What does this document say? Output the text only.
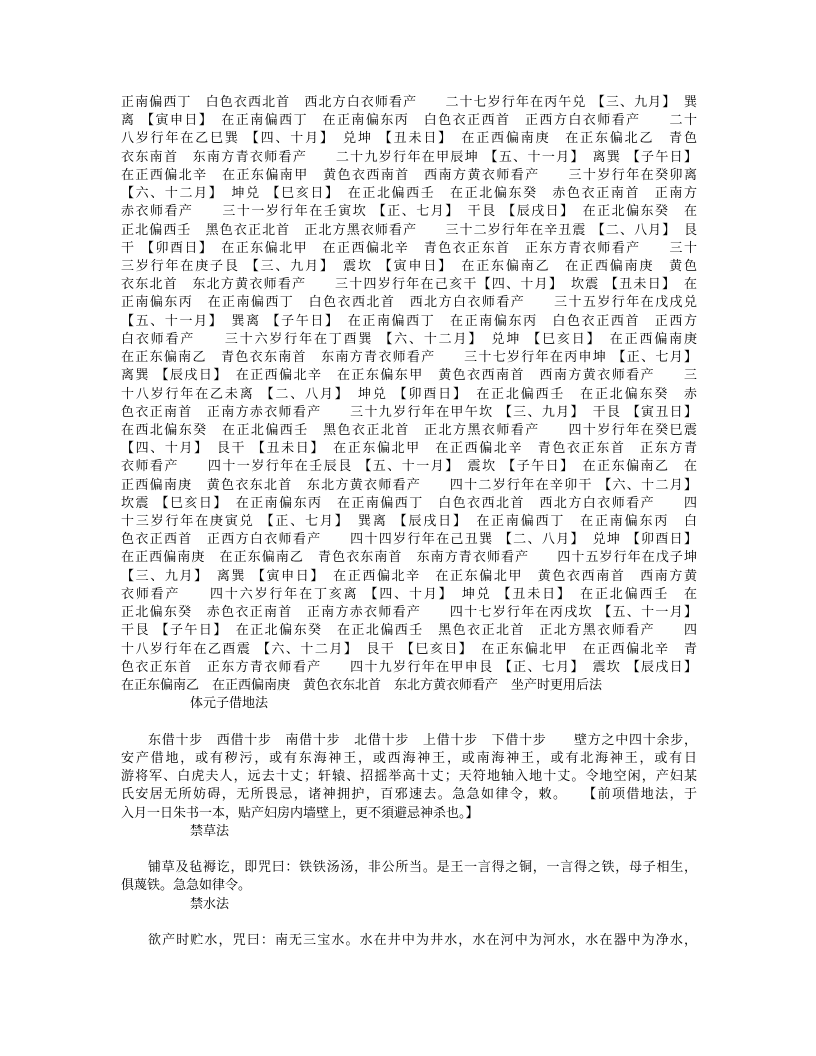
正南偏西丁　白色衣西北首　西北方白衣师看产　　二十七岁行年在丙午兑 【三、九月】　巽
离 【寅申日】　在正南偏西丁　在正南偏东丙　白色衣正西首　正西方白衣师看产　　二十
八岁行年在乙巳巽 【四、十月】　兑坤 【丑未日】　在正西偏南庚　在正东偏北乙　青色
衣东南首　东南方青衣师看产　　二十九岁行年在甲辰坤 【五、十一月】　离巽 【子午日】
在正西偏北辛　在正东偏南甲　黄色衣西南首　西南方黄衣师看产　　三十岁行年在癸卯离
【六、十二月】　坤兑 【巳亥日】　在正北偏西壬　在正北偏东癸　赤色衣正南首　正南方
赤衣师看产　　三十一岁行年在壬寅坎 【正、七月】　干艮 【辰戌日】　在正北偏东癸　在
正北偏西壬　黑色衣正北首　正北方黑衣师看产　　三十二岁行年在辛丑震 【二、八月】　艮
干 【卯酉日】　在正东偏北甲　在正西偏北辛　青色衣正东首　正东方青衣师看产　　三十
三岁行年在庚子艮 【三、九月】　震坎 【寅申日】　在正东偏南乙　在正西偏南庚　黄色
衣东北首　东北方黄衣师看产　　三十四岁行年在己亥干【四、十月】　坎震 【丑未日】　在
正南偏东丙　在正南偏西丁　白色衣西北首　西北方白衣师看产　　三十五岁行年在戊戌兑
【五、十一月】　巽离 【子午日】　在正南偏西丁　在正南偏东丙　白色衣正西首　正西方
白衣师看产　　三十六岁行年在丁酉巽 【六、十二月】　兑坤 【巳亥日】　在正西偏南庚
在正东偏南乙　青色衣东南首　东南方青衣师看产　　三十七岁行年在丙申坤 【正、七月】
离巽 【辰戌日】　在正西偏北辛　在正东偏东甲　黄色衣西南首　西南方黄衣师看产　　三
十八岁行年在乙未离 【二、八月】　坤兑 【卯酉日】　在正北偏西壬　在正北偏东癸　赤
色衣正南首　正南方赤衣师看产　　三十九岁行年在甲午坎 【三、九月】　干艮 【寅丑日】
在西北偏东癸　在正北偏西壬　黑色衣正北首　正北方黑衣师看产　　四十岁行年在癸巳震
【四、十月】　艮干 【丑未日】　在正东偏北甲　在正西偏北辛　青色衣正东首　正东方青
衣师看产　　四十一岁行年在壬辰艮 【五、十一月】　震坎 【子午日】　在正东偏南乙　在
正西偏南庚　黄色衣东北首　东北方黄衣师看产　　四十二岁行年在辛卯干 【六、十二月】
坎震 【巳亥日】　在正南偏东丙　在正南偏西丁　白色衣西北首　西北方白衣师看产　　四
十三岁行年在庚寅兑 【正、七月】　巽离 【辰戌日】　在正南偏西丁　在正南偏东丙　白
色衣正西首　正西方白衣师看产　　四十四岁行年在己丑巽 【二、八月】　兑坤 【卯酉日】
在正西偏南庚　在正东偏南乙　青色衣东南首　东南方青衣师看产　　四十五岁行年在戊子坤
【三、九月】　离巽 【寅申日】　在正西偏北辛　在正东偏北甲　黄色衣西南首　西南方黄
衣师看产　　四十六岁行年在丁亥离 【四、十月】　坤兑 【丑未日】　在正北偏西壬　在
正北偏东癸　赤色衣正南首　正南方赤衣师看产　　四十七岁行年在丙戌坎 【五、十一月】
干艮 【子午日】　在正北偏东癸　在正北偏西壬　黑色衣正北首　正北方黑衣师看产　　四
十八岁行年在乙酉震 【六、十二月】　艮干 【巳亥日】　在正东偏北甲　在正西偏北辛　青
色衣正东首　正东方青衣师看产　　四十九岁行年在甲申艮 【正、七月】　震坎 【辰戌日】
在正东偏南乙　在正西偏南庚　黄色衣东北首　东北方黄衣师看产　坐产时更用后法
体元子借地法
东借十步　西借十步　南借十步　北借十步　上借十步　下借十步　　壁方之中四十余步，
安产借地，或有秽污，或有东海神王，或西海神王，或南海神王，或有北海神王，或有日
游将军、白虎夫人，远去十丈；轩辕、招摇举高十丈；天符地轴入地十丈。令地空闲，产妇某
氏安居无所妨碍，无所畏忌，诸神拥护，百邪速去。急急如律令，敕。　　【前项借地法，于
入月一日朱书一本，贴产妇房内墙壁上，更不須避忌神杀也。】
禁草法
铺草及毡褥讫，即咒曰：铁铁汤汤，非公所当。是王一言得之铜，一言得之铁，母子相生，
俱蔑铁。急急如律令。
禁水法
欲产时贮水，咒曰：南无三宝水。水在井中为井水，水在河中为河水，水在器中为净水，
